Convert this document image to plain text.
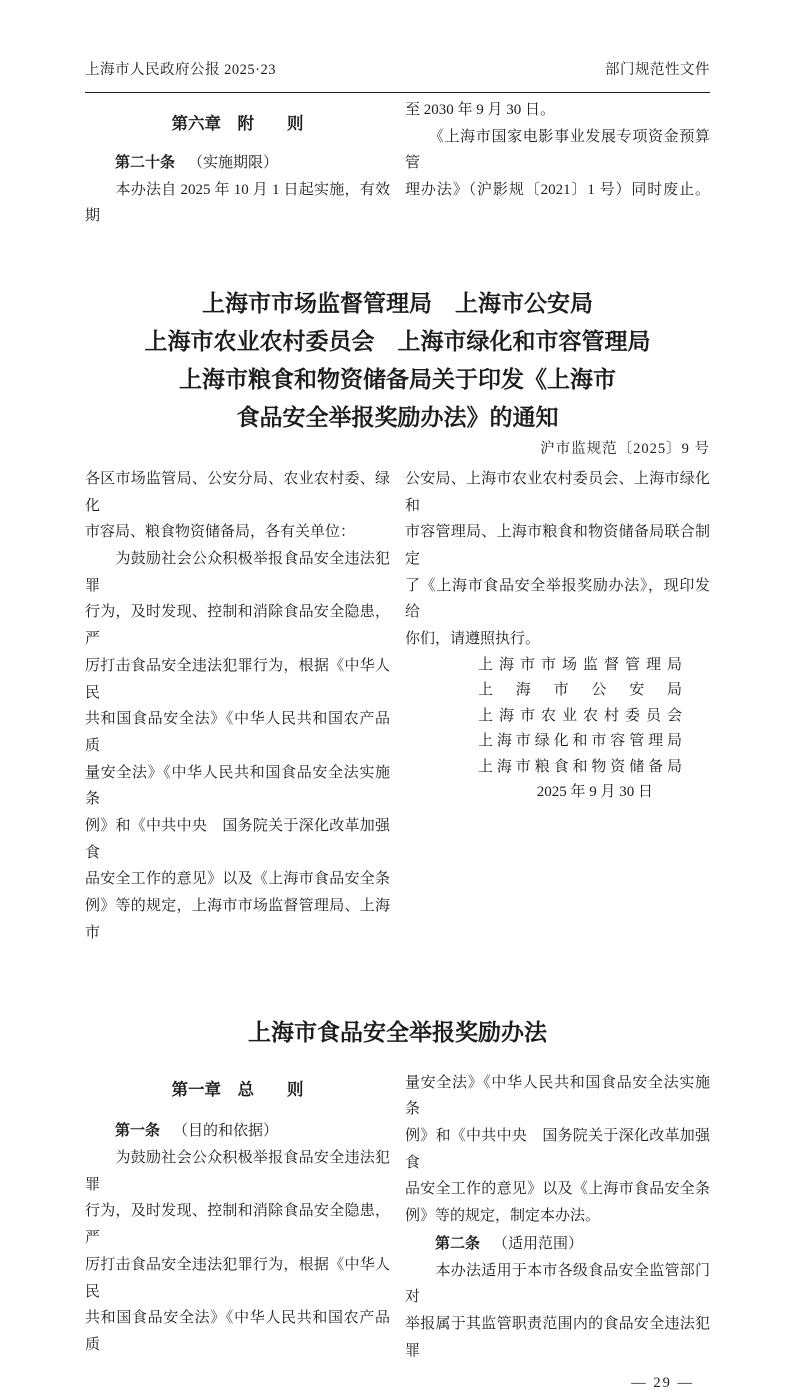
上海市人民政府公报 2025·23	部门规范性文件
第六章　附　　则
第二十条 （实施期限）
　　本办法自 2025 年 10 月 1 日起实施，有效期
至 2030 年 9 月 30 日。
　　《上海市国家电影事业发展专项资金预算管
理办法》（沪影规〔2021〕1 号）同时废止。
上海市市场监督管理局　上海市公安局
上海市农业农村委员会　上海市绿化和市容管理局
上海市粮食和物资储备局关于印发《上海市
食品安全举报奖励办法》的通知
沪市监规范〔2025〕9 号
各区市场监管局、公安分局、农业农村委、绿化
市容局、粮食物资储备局，各有关单位：
　　为鼓励社会公众积极举报食品安全违法犯罪
行为，及时发现、控制和消除食品安全隐患，严
厉打击食品安全违法犯罪行为，根据《中华人民
共和国食品安全法》《中华人民共和国农产品质
量安全法》《中华人民共和国食品安全法实施条
例》和《中共中央　国务院关于深化改革加强食
品安全工作的意见》以及《上海市食品安全条
例》等的规定，上海市市场监督管理局、上海市
公安局、上海市农业农村委员会、上海市绿化和
市容管理局、上海市粮食和物资储备局联合制定
了《上海市食品安全举报奖励办法》，现印发给
你们，请遵照执行。
上海市市场监督管理局
上海市公安局
上海市农业农村委员会
上海市绿化和市容管理局
上海市粮食和物资储备局
2025 年 9 月 30 日
上海市食品安全举报奖励办法
第一章　总　　则
第一条 （目的和依据）
　　为鼓励社会公众积极举报食品安全违法犯罪
行为，及时发现、控制和消除食品安全隐患，严
厉打击食品安全违法犯罪行为，根据《中华人民
共和国食品安全法》《中华人民共和国农产品质
量安全法》《中华人民共和国食品安全法实施条
例》和《中共中央　国务院关于深化改革加强食
品安全工作的意见》以及《上海市食品安全条
例》等的规定，制定本办法。
第二条 （适用范围）
　　本办法适用于本市各级食品安全监管部门对
举报属于其监管职责范围内的食品安全违法犯罪
— 29 —
